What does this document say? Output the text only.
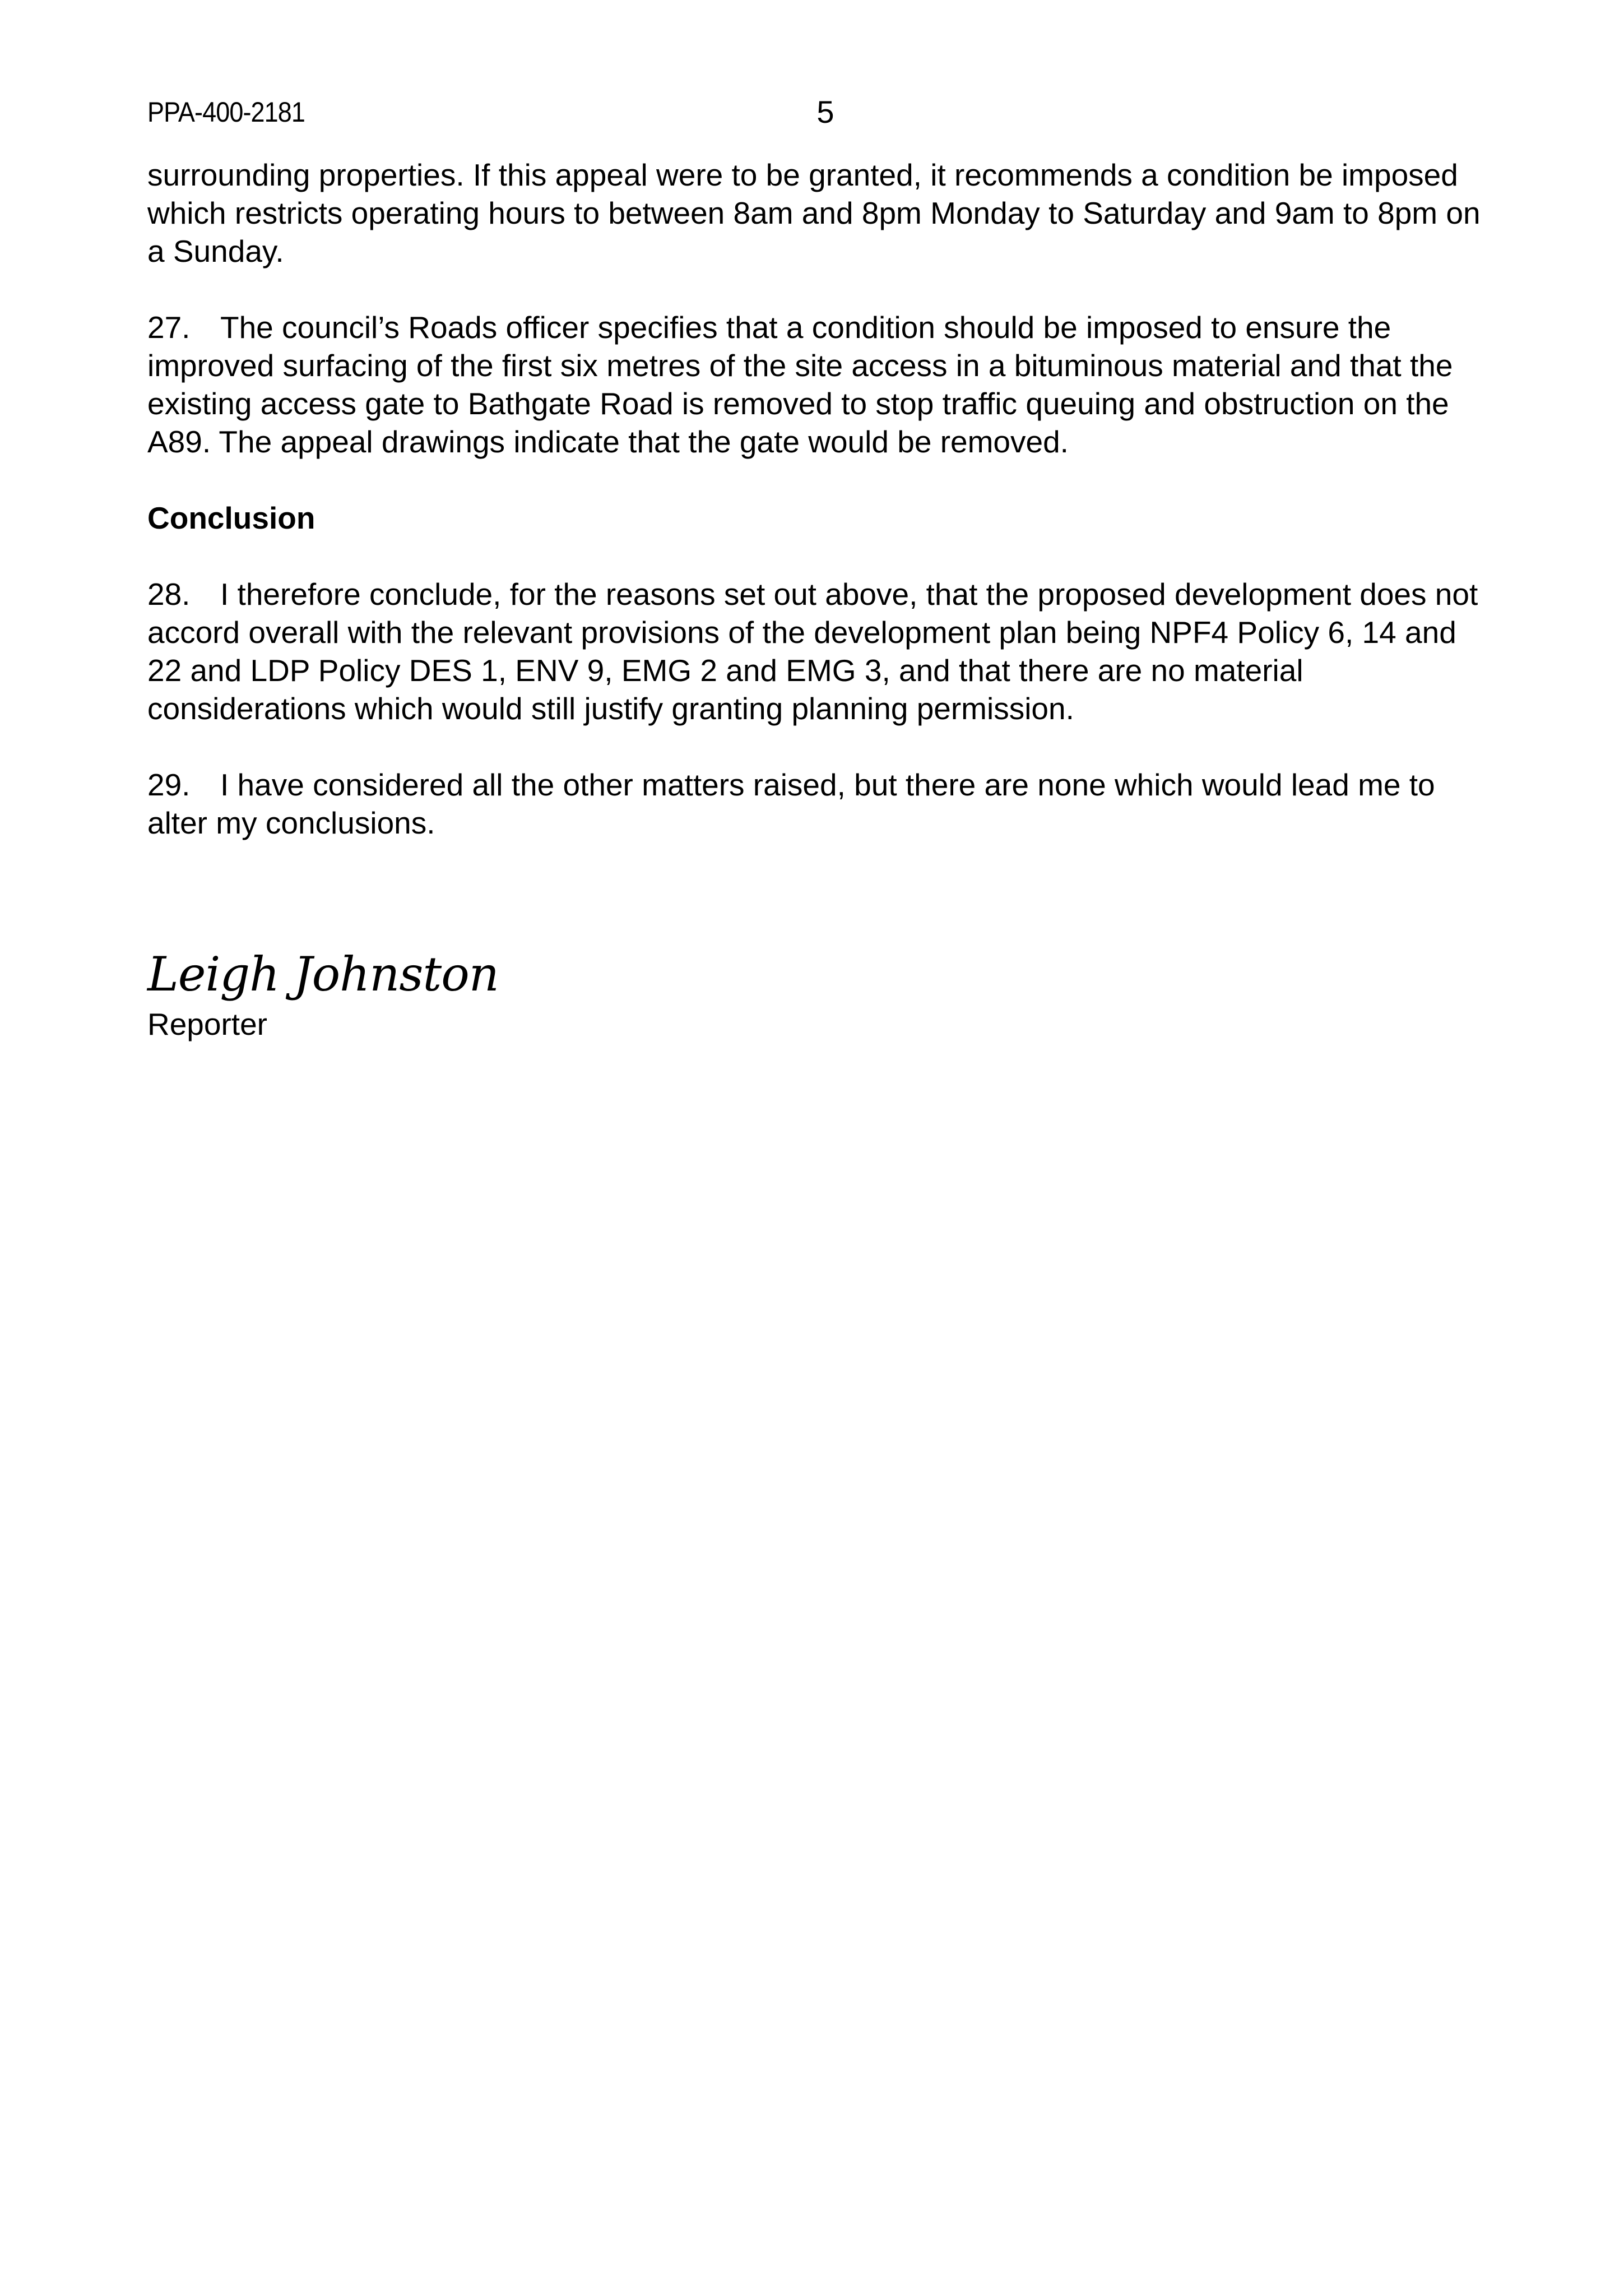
PPA-400-2181	5

surrounding properties. If this appeal were to be granted, it recommends a condition be imposed which restricts operating hours to between 8am and 8pm Monday to Saturday and 9am to 8pm on a Sunday.

27. The council’s Roads officer specifies that a condition should be imposed to ensure the improved surfacing of the first six metres of the site access in a bituminous material and that the existing access gate to Bathgate Road is removed to stop traffic queuing and obstruction on the A89. The appeal drawings indicate that the gate would be removed.

Conclusion

28. I therefore conclude, for the reasons set out above, that the proposed development does not accord overall with the relevant provisions of the development plan being NPF4 Policy 6, 14 and 22 and LDP Policy DES 1, ENV 9, EMG 2 and EMG 3, and that there are no material considerations which would still justify granting planning permission.

29. I have considered all the other matters raised, but there are none which would lead me to alter my conclusions.

Leigh Johnston
Reporter
